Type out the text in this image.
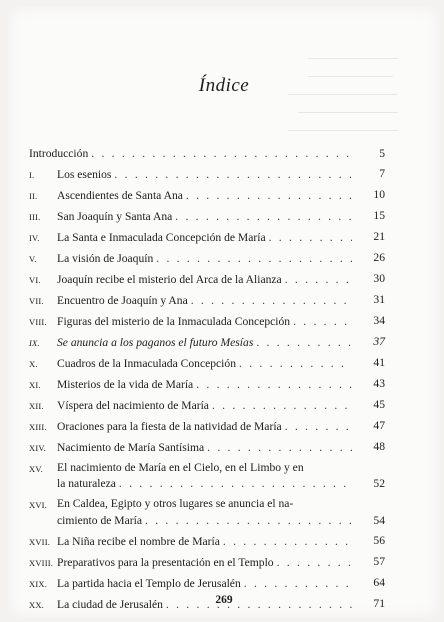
Índice
Introducción . . .	5
I.	Los esenios . . .	7
II.	Ascendientes de Santa Ana . . .	10
III.	San Joaquín y Santa Ana . . .	15
IV.	La Santa e Inmaculada Concepción de María . . .	21
V.	La visión de Joaquín . . .	26
VI.	Joaquín recibe el misterio del Arca de la Alianza . . .	30
VII.	Encuentro de Joaquín y Ana . . .	31
VIII. Figuras del misterio de la Inmaculada Concepción . . .	34
IX.	Se anuncia a los paganos el futuro Mesías . . .	37
X.	Cuadros de la Inmaculada Concepción . . .	41
XI.	Misterios de la vida de María . . .	43
XII.	Víspera del nacimiento de María . . .	45
XIII. Oraciones para la fiesta de la natividad de María . . .	47
XIV. Nacimiento de María Santísima . . .	48
XV.	El nacimiento de María en el Cielo, en el Limbo y en
la naturaleza . . .	52
XVI. En Caldea, Egipto y otros lugares se anuncia el na-
cimiento de María . . .	54
XVII. La Niña recibe el nombre de María . . .	56
XVIII. Preparativos para la presentación en el Templo . . .	57
XIX. La partida hacia el Templo de Jerusalén . . .	64
XX.	La ciudad de Jerusalén . . .	71
269
